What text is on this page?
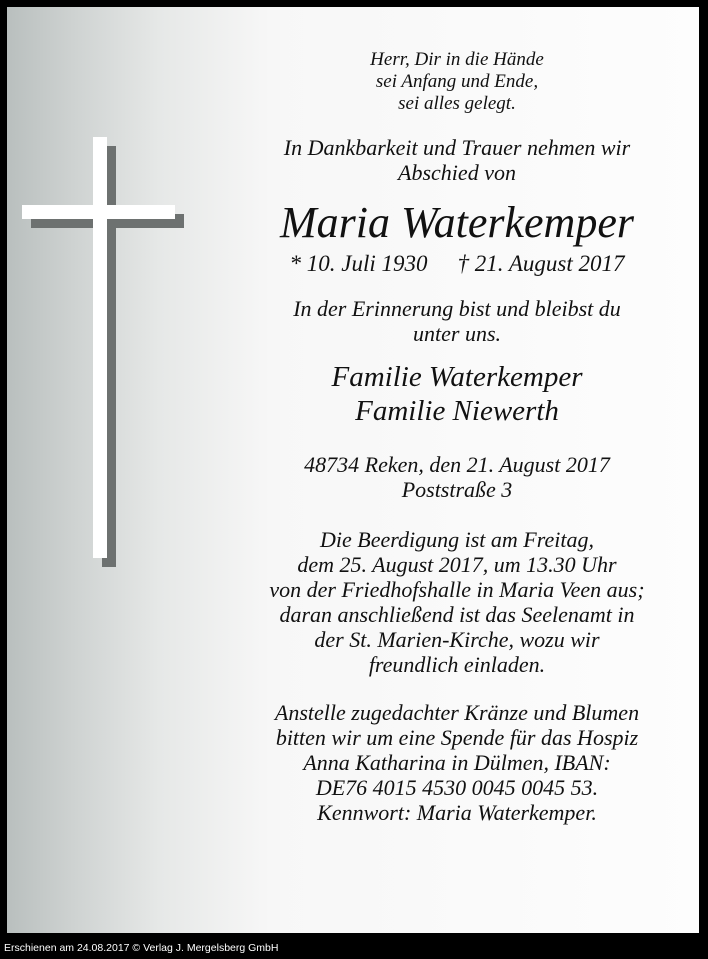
Herr, Dir in die Hände
sei Anfang und Ende,
sei alles gelegt.
In Dankbarkeit und Trauer nehmen wir
Abschied von
Maria Waterkemper
* 10. Juli 1930 † 21. August 2017
In der Erinnerung bist und bleibst du
unter uns.
Familie Waterkemper
Familie Niewerth
48734 Reken, den 21. August 2017
Poststraße 3
Die Beerdigung ist am Freitag,
dem 25. August 2017, um 13.30 Uhr
von der Friedhofshalle in Maria Veen aus;
daran anschließend ist das Seelenamt in
der St. Marien-Kirche, wozu wir
freundlich einladen.
Anstelle zugedachter Kränze und Blumen
bitten wir um eine Spende für das Hospiz
Anna Katharina in Dülmen, IBAN:
DE76 4015 4530 0045 0045 53.
Kennwort: Maria Waterkemper.
Erschienen am 24.08.2017 © Verlag J. Mergelsberg GmbH
